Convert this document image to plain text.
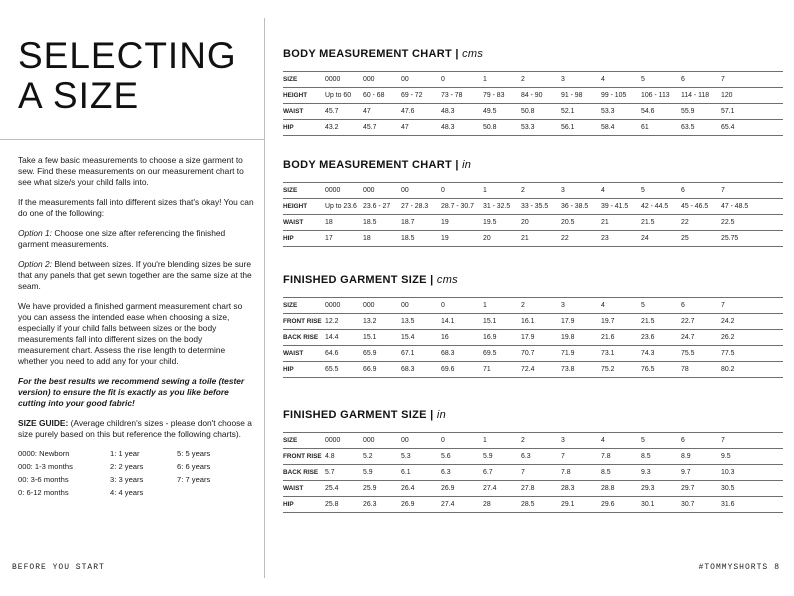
SELECTING
A SIZE

Take a few basic measurements to choose a size garment to sew. Find these measurements on our measurement chart to see what size/s your child falls into.

If the measurements fall into different sizes that's okay! You can do one of the following:

Option 1: Choose one size after referencing the finished garment measurements.

Option 2: Blend between sizes. If you're blending sizes be sure that any panels that get sewn together are the same size at the seam.

We have provided a finished garment measurement chart so you can assess the intended ease when choosing a size, especially if your child falls between sizes or the body measurements fall into different sizes on the body measurement chart. Assess the rise length to determine whether you need to add any for your child.

For the best results we recommend sewing a toile (tester version) to ensure the fit is exactly as you like before cutting into your good fabric!

SIZE GUIDE: (Average children's sizes - please don't choose a size purely based on this but reference the following charts).
0000: Newborn	1: 1 year	5: 5 years
000: 1-3 months	2: 2 years	6: 6 years
00: 3-6 months	3: 3 years	7: 7 years
0: 6-12 months	4: 4 years
BODY MEASUREMENT CHART | cms
SIZE	0000	000	00	0	1	2	3	4	5	6	7
HEIGHT	Up to 60	60 - 68	69 - 72	73 - 78	79 - 83	84 - 90	91 - 98	99 - 105	106 - 113	114 - 118	120
WAIST	45.7	47	47.6	48.3	49.5	50.8	52.1	53.3	54.6	55.9	57.1
HIP	43.2	45.7	47	48.3	50.8	53.3	56.1	58.4	61	63.5	65.4
BODY MEASUREMENT CHART | in
SIZE	0000	000	00	0	1	2	3	4	5	6	7
HEIGHT	Up to 23.6	23.6 - 27	27 - 28.3	28.7 - 30.7	31 - 32.5	33 - 35.5	36 - 38.5	39 - 41.5	42 - 44.5	45 - 46.5	47 - 48.5
WAIST	18	18.5	18.7	19	19.5	20	20.5	21	21.5	22	22.5
HIP	17	18	18.5	19	20	21	22	23	24	25	25.75
FINISHED GARMENT SIZE | cms
SIZE	0000	000	00	0	1	2	3	4	5	6	7
FRONT RISE	12.2	13.2	13.5	14.1	15.1	16.1	17.9	19.7	21.5	22.7	24.2
BACK RISE	14.4	15.1	15.4	16	16.9	17.9	19.8	21.6	23.6	24.7	26.2
WAIST	64.6	65.9	67.1	68.3	69.5	70.7	71.9	73.1	74.3	75.5	77.5
HIP	65.5	66.9	68.3	69.6	71	72.4	73.8	75.2	76.5	78	80.2
FINISHED GARMENT SIZE | in
SIZE	0000	000	00	0	1	2	3	4	5	6	7
FRONT RISE	4.8	5.2	5.3	5.6	5.9	6.3	7	7.8	8.5	8.9	9.5
BACK RISE	5.7	5.9	6.1	6.3	6.7	7	7.8	8.5	9.3	9.7	10.3
WAIST	25.4	25.9	26.4	26.9	27.4	27.8	28.3	28.8	29.3	29.7	30.5
HIP	25.8	26.3	26.9	27.4	28	28.5	29.1	29.6	30.1	30.7	31.6
BEFORE YOU START	#TOMMYSHORTS 8
